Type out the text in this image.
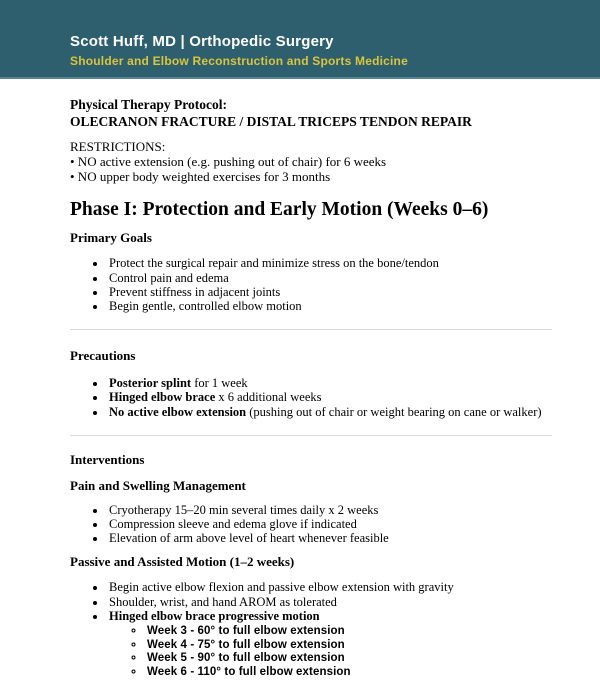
Scott Huff, MD | Orthopedic Surgery
Shoulder and Elbow Reconstruction and Sports Medicine

Physical Therapy Protocol:
OLECRANON FRACTURE / DISTAL TRICEPS TENDON REPAIR

RESTRICTIONS:

• NO active extension (e.g. pushing out of chair) for 6 weeks

• NO upper body weighted exercises for 3 months

Phase I: Protection and Early Motion (Weeks 0–6)
Primary Goals
• Protect the surgical repair and minimize stress on the bone/tendon
• Control pain and edema
• Prevent stiffness in adjacent joints
• Begin gentle, controlled elbow motion
Precautions
• Posterior splint for 1 week
• Hinged elbow brace x 6 additional weeks
• No active elbow extension (pushing out of chair or weight bearing on cane or walker)
Interventions
Pain and Swelling Management
• Cryotherapy 15–20 min several times daily x 2 weeks
• Compression sleeve and edema glove if indicated
• Elevation of arm above level of heart whenever feasible
Passive and Assisted Motion (1–2 weeks)
• Begin active elbow flexion and passive elbow extension with gravity
• Shoulder, wrist, and hand AROM as tolerated
• Hinged elbow brace progressive motion
◦ Week 3 - 60° to full elbow extension
◦ Week 4 - 75° to full elbow extension
◦ Week 5 - 90° to full elbow extension
◦ Week 6 - 110° to full elbow extension
